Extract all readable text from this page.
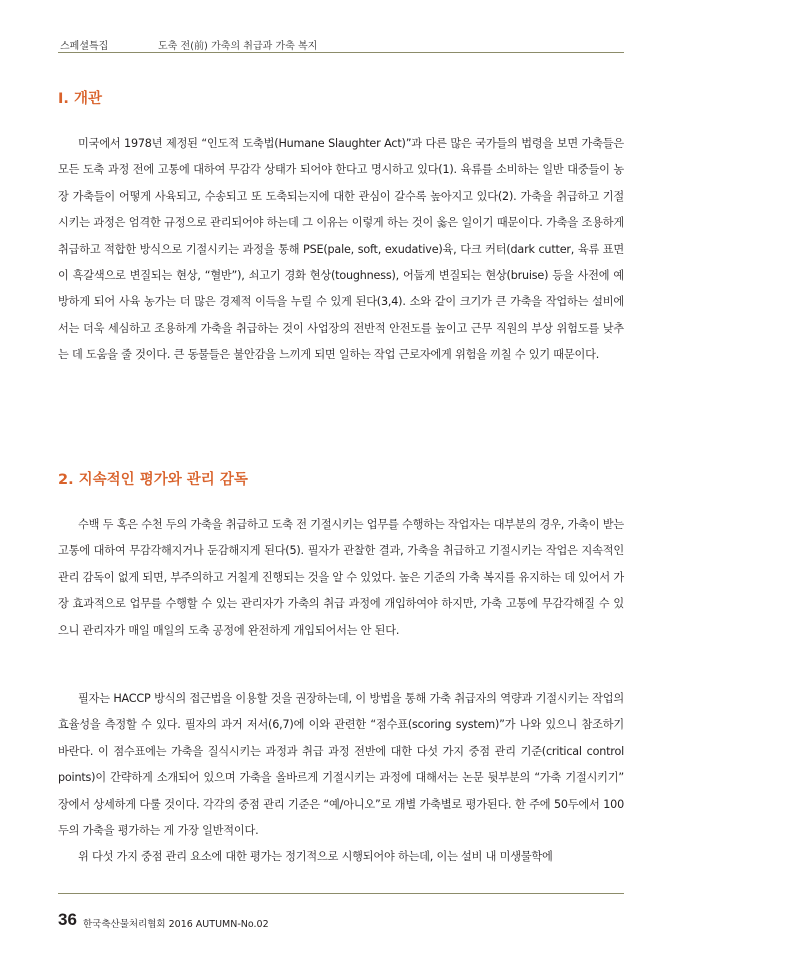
스페셜특집	도축 전(前) 가축의 취급과 가축 복지
I. 개관

미국에서 1978년 제정된 “인도적 도축법(Humane Slaughter Act)”과 다른 많은 국가들의 법령을 보면 가축들은 모든 도축 과정 전에 고통에 대하여 무감각 상태가 되어야 한다고 명시하고 있다(1). 육류를 소비하는 일반 대중들이 농장 가축들이 어떻게 사육되고, 수송되고 또 도축되는지에 대한 관심이 갈수록 높아지고 있다(2). 가축을 취급하고 기절시키는 과정은 엄격한 규정으로 관리되어야 하는데 그 이유는 이렇게 하는 것이 옳은 일이기 때문이다. 가축을 조용하게 취급하고 적합한 방식으로 기절시키는 과정을 통해 PSE(pale, soft, exudative)육, 다크 커터(dark cutter, 육류 표면이 흑갈색으로 변질되는 현상, “혈반”), 쇠고기 경화 현상(toughness), 어둡게 변질되는 현상(bruise) 등을 사전에 예방하게 되어 사육 농가는 더 많은 경제적 이득을 누릴 수 있게 된다(3,4). 소와 같이 크기가 큰 가축을 작업하는 설비에서는 더욱 세심하고 조용하게 가축을 취급하는 것이 사업장의 전반적 안전도를 높이고 근무 직원의 부상 위험도를 낮추는 데 도움을 줄 것이다. 큰 동물들은 불안감을 느끼게 되면 일하는 작업 근로자에게 위험을 끼칠 수 있기 때문이다.

2. 지속적인 평가와 관리 감독

수백 두 혹은 수천 두의 가축을 취급하고 도축 전 기절시키는 업무를 수행하는 작업자는 대부분의 경우, 가축이 받는 고통에 대하여 무감각해지거나 둔감해지게 된다(5). 필자가 관찰한 결과, 가축을 취급하고 기절시키는 작업은 지속적인 관리 감독이 없게 되면, 부주의하고 거칠게 진행되는 것을 알 수 있었다. 높은 기준의 가축 복지를 유지하는 데 있어서 가장 효과적으로 업무를 수행할 수 있는 관리자가 가축의 취급 과정에 개입하여야 하지만, 가축 고통에 무감각해질 수 있으니 관리자가 매일 매일의 도축 공정에 완전하게 개입되어서는 안 된다.

필자는 HACCP 방식의 접근법을 이용할 것을 권장하는데, 이 방법을 통해 가축 취급자의 역량과 기절시키는 작업의 효율성을 측정할 수 있다. 필자의 과거 저서(6,7)에 이와 관련한 “점수표(scoring system)”가 나와 있으니 참조하기 바란다. 이 점수표에는 가축을 질식시키는 과정과 취급 과정 전반에 대한 다섯 가지 중점 관리 기준(critical control points)이 간략하게 소개되어 있으며 가축을 올바르게 기절시키는 과정에 대해서는 논문 뒷부분의 “가축 기절시키기” 장에서 상세하게 다룰 것이다. 각각의 중점 관리 기준은 “예/아니오”로 개별 가축별로 평가된다. 한 주에 50두에서 100두의 가축을 평가하는 게 가장 일반적이다.

위 다섯 가지 중점 관리 요소에 대한 평가는 정기적으로 시행되어야 하는데, 이는 설비 내 미생물학에

36 한국축산물처리협회 2016 AUTUMN-No.02
